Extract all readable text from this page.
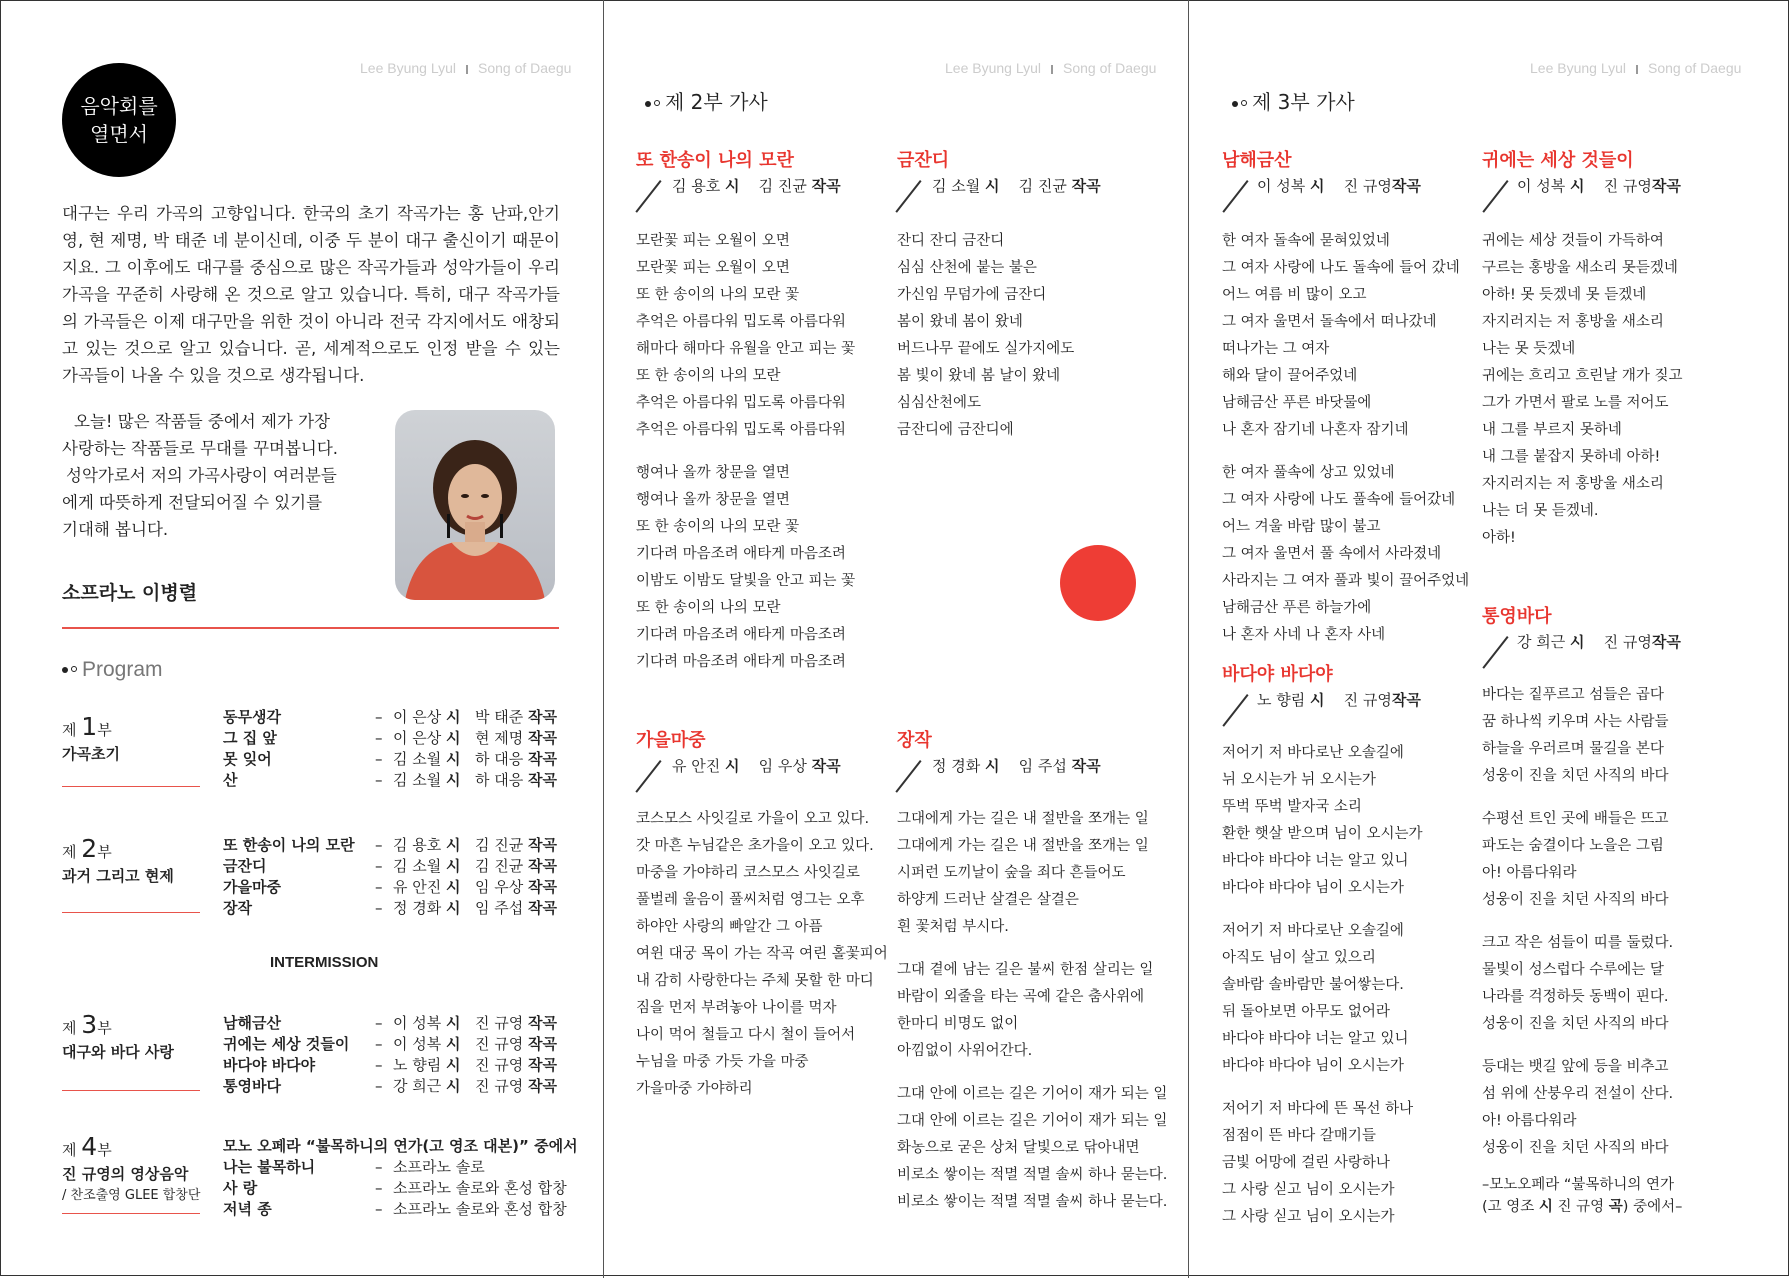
Lee Byung Lyul Song of Daegu	Lee Byung Lyul Song of Daegu	Lee Byung Lyul Song of Daegu
음악회를
열면서
대구는 우리 가곡의 고향입니다. 한국의 초기 작곡가는 홍 난파,안기영, 현 제명, 박 태준 네 분이신데, 이중 두 분이 대구 출신이기 때문이지요. 그 이후에도 대구를 중심으로 많은 작곡가들과 성악가들이 우리 가곡을 꾸준히 사랑해 온 것으로 알고 있습니다. 특히, 대구 작곡가들의 가곡들은 이제 대구만을 위한 것이 아니라 전국 각지에서도 애창되고 있는 것으로 알고 있습니다. 곧, 세계적으로도 인정 받을 수 있는 가곡들이 나올 수 있을 것으로 생각됩니다.
오늘! 많은 작품들 중에서 제가 가장
사랑하는 작품들로 무대를 꾸며봅니다.
성악가로서 저의 가곡사랑이 여러분들
에게 따뜻하게 전달되어질 수 있기를
기대해 봅니다.
소프라노 이병렬
Program
제 1부
가곡초기
동무생각	– 이 은상 시 박 태준 작곡
그 집 앞	– 이 은상 시 현 제명 작곡
못 잊어	– 김 소월 시 하 대응 작곡
산	– 김 소월 시 하 대응 작곡
제 2부
과거 그리고 현제
또 한송이 나의 모란 – 김 용호 시 김 진균 작곡
금잔디	– 김 소월 시 김 진균 작곡
가을마중	– 유 안진 시 임 우상 작곡
장작	– 정 경화 시 임 주섭 작곡
INTERMISSION
제 3부
대구와 바다 사랑
남해금산	– 이 성복 시 진 규영 작곡
귀에는 세상 것들이 – 이 성복 시 진 규영 작곡
바다야 바다야	– 노 향림 시 진 규영 작곡
통영바다	– 강 희근 시 진 규영 작곡
제 4부
진 규영의 영상음악
/ 찬조출영 GLEE 합창단
모노 오페라 “불목하니의 연가(고 영조 대본)” 중에서
나는 불목하니	– 소프라노 솔로
사 랑	– 소프라노 솔로와 혼성 합창
저녁 종	– 소프라노 솔로와 혼성 합창
제 2부 가사
또 한송이 나의 모란
김 용호 시 김 진균 작곡
모란꽃 피는 오월이 오면
모란꽃 피는 오월이 오면
또 한 송이의 나의 모란 꽃
추억은 아름다워 밉도록 아름다워
해마다 해마다 유월을 안고 피는 꽃
또 한 송이의 나의 모란
추억은 아름다워 밉도록 아름다워
추억은 아름다워 밉도록 아름다워
행여나 올까 창문을 열면
행여나 올까 창문을 열면
또 한 송이의 나의 모란 꽃
기다려 마음조려 애타게 마음조려
이밤도 이밤도 달빛을 안고 피는 꽃
또 한 송이의 나의 모란
기다려 마음조려 애타게 마음조려
기다려 마음조려 애타게 마음조려
금잔디
김 소월 시 김 진균 작곡
잔디 잔디 금잔디
심심 산천에 붙는 불은
가신임 무덤가에 금잔디
봄이 왔네 봄이 왔네
버드나무 끝에도 실가지에도
봄 빛이 왔네 봄 날이 왔네
심심산천에도
금잔디에 금잔디에
가을마중
유 안진 시 임 우상 작곡
코스모스 사잇길로 가을이 오고 있다.
갓 마흔 누님같은 초가을이 오고 있다.
마중을 가야하리 코스모스 사잇길로
풀벌레 울음이 풀씨처럼 영그는 오후
하야안 사랑의 빠알간 그 아픔
여윈 대궁 목이 가는 작곡 여린 홀꽃피어
내 감히 사랑한다는 주체 못할 한 마디
짐을 먼저 부려놓아 나이를 먹자
나이 먹어 철들고 다시 철이 들어서
누님을 마중 가듯 가을 마중
가을마중 가야하리
장작
정 경화 시 임 주섭 작곡
그대에게 가는 길은 내 절반을 쪼개는 일
그대에게 가는 길은 내 절반을 쪼개는 일
시퍼런 도끼날이 숲을 죄다 흔들어도
하양게 드러난 살결은 살결은
흰 꽃처럼 부시다.
그대 곁에 남는 길은 불씨 한점 살리는 일
바람이 외줄을 타는 곡예 같은 춤사위에
한마디 비명도 없이
아낌없이 사위어간다.
그대 안에 이르는 길은 기어이 재가 되는 일
그대 안에 이르는 길은 기어이 재가 되는 일
화농으로 굳은 상처 달빛으로 닦아내면
비로소 쌓이는 적멸 적멸 솔씨 하나 묻는다.
비로소 쌓이는 적멸 적멸 솔씨 하나 묻는다.
제 3부 가사
남해금산
이 성복 시 진 규영작곡
한 여자 돌속에 묻혀있었네
그 여자 사랑에 나도 돌속에 들어 갔네
어느 여름 비 많이 오고
그 여자 울면서 돌속에서 떠나갔네
떠나가는 그 여자
해와 달이 끌어주었네
남해금산 푸른 바닷물에
나 혼자 잠기네 나혼자 잠기네
한 여자 풀속에 상고 있었네
그 여자 사랑에 나도 풀속에 들어갔네
어느 겨울 바람 많이 불고
그 여자 울면서 풀 속에서 사라졌네
사라지는 그 여자 풀과 빛이 끌어주었네
남해금산 푸른 하늘가에
나 혼자 사네 나 혼자 사네
바다야 바다야
노 향림 시 진 규영작곡
저어기 저 바다로난 오솔길에
뉘 오시는가 뉘 오시는가
뚜벅 뚜벅 발자국 소리
환한 햇살 받으며 님이 오시는가
바다야 바다야 너는 알고 있니
바다야 바다야 님이 오시는가
저어기 저 바다로난 오솔길에
아직도 님이 살고 있으리
솔바람 솔바람만 불어쌓는다.
뒤 돌아보면 아무도 없어라
바다야 바다야 너는 알고 있니
바다야 바다야 님이 오시는가
저어기 저 바다에 뜬 목선 하나
점점이 뜬 바다 갈매기들
금빛 어망에 걸린 사랑하나
그 사랑 싣고 님이 오시는가
그 사랑 싣고 님이 오시는가
귀에는 세상 것들이
이 성복 시 진 규영작곡
귀에는 세상 것들이 가득하여
구르는 홍방울 새소리 못듣겠네
아하! 못 듯겠네 못 듣겠네
자지러지는 저 홍방울 새소리
나는 못 듯겠네
귀에는 흐리고 흐린날 개가 짖고
그가 가면서 팔로 노를 저어도
내 그를 부르지 못하네
내 그를 붙잡지 못하네 아하!
자지러지는 저 홍방울 새소리
나는 더 못 듣겠네.
아하!
통영바다
강 희근 시 진 규영작곡
바다는 짙푸르고 섬들은 곱다
꿈 하나씩 키우며 사는 사람들
하늘을 우러르며 물길을 본다
성웅이 진을 치던 사직의 바다
수평선 트인 곳에 배들은 뜨고
파도는 숨결이다 노을은 그림
아! 아름다워라
성웅이 진을 치던 사직의 바다
크고 작은 섬들이 띠를 둘렀다.
물빛이 성스럽다 수루에는 달
나라를 걱정하듯 동백이 핀다.
성웅이 진을 치던 사직의 바다
등대는 뱃길 앞에 등을 비추고
섬 위에 산붕우리 전설이 산다.
아! 아름다워라
성웅이 진을 치던 사직의 바다
–모노오페라 “불목하니의 연가
(고 영조 시 진 규영 곡) 중에서–
